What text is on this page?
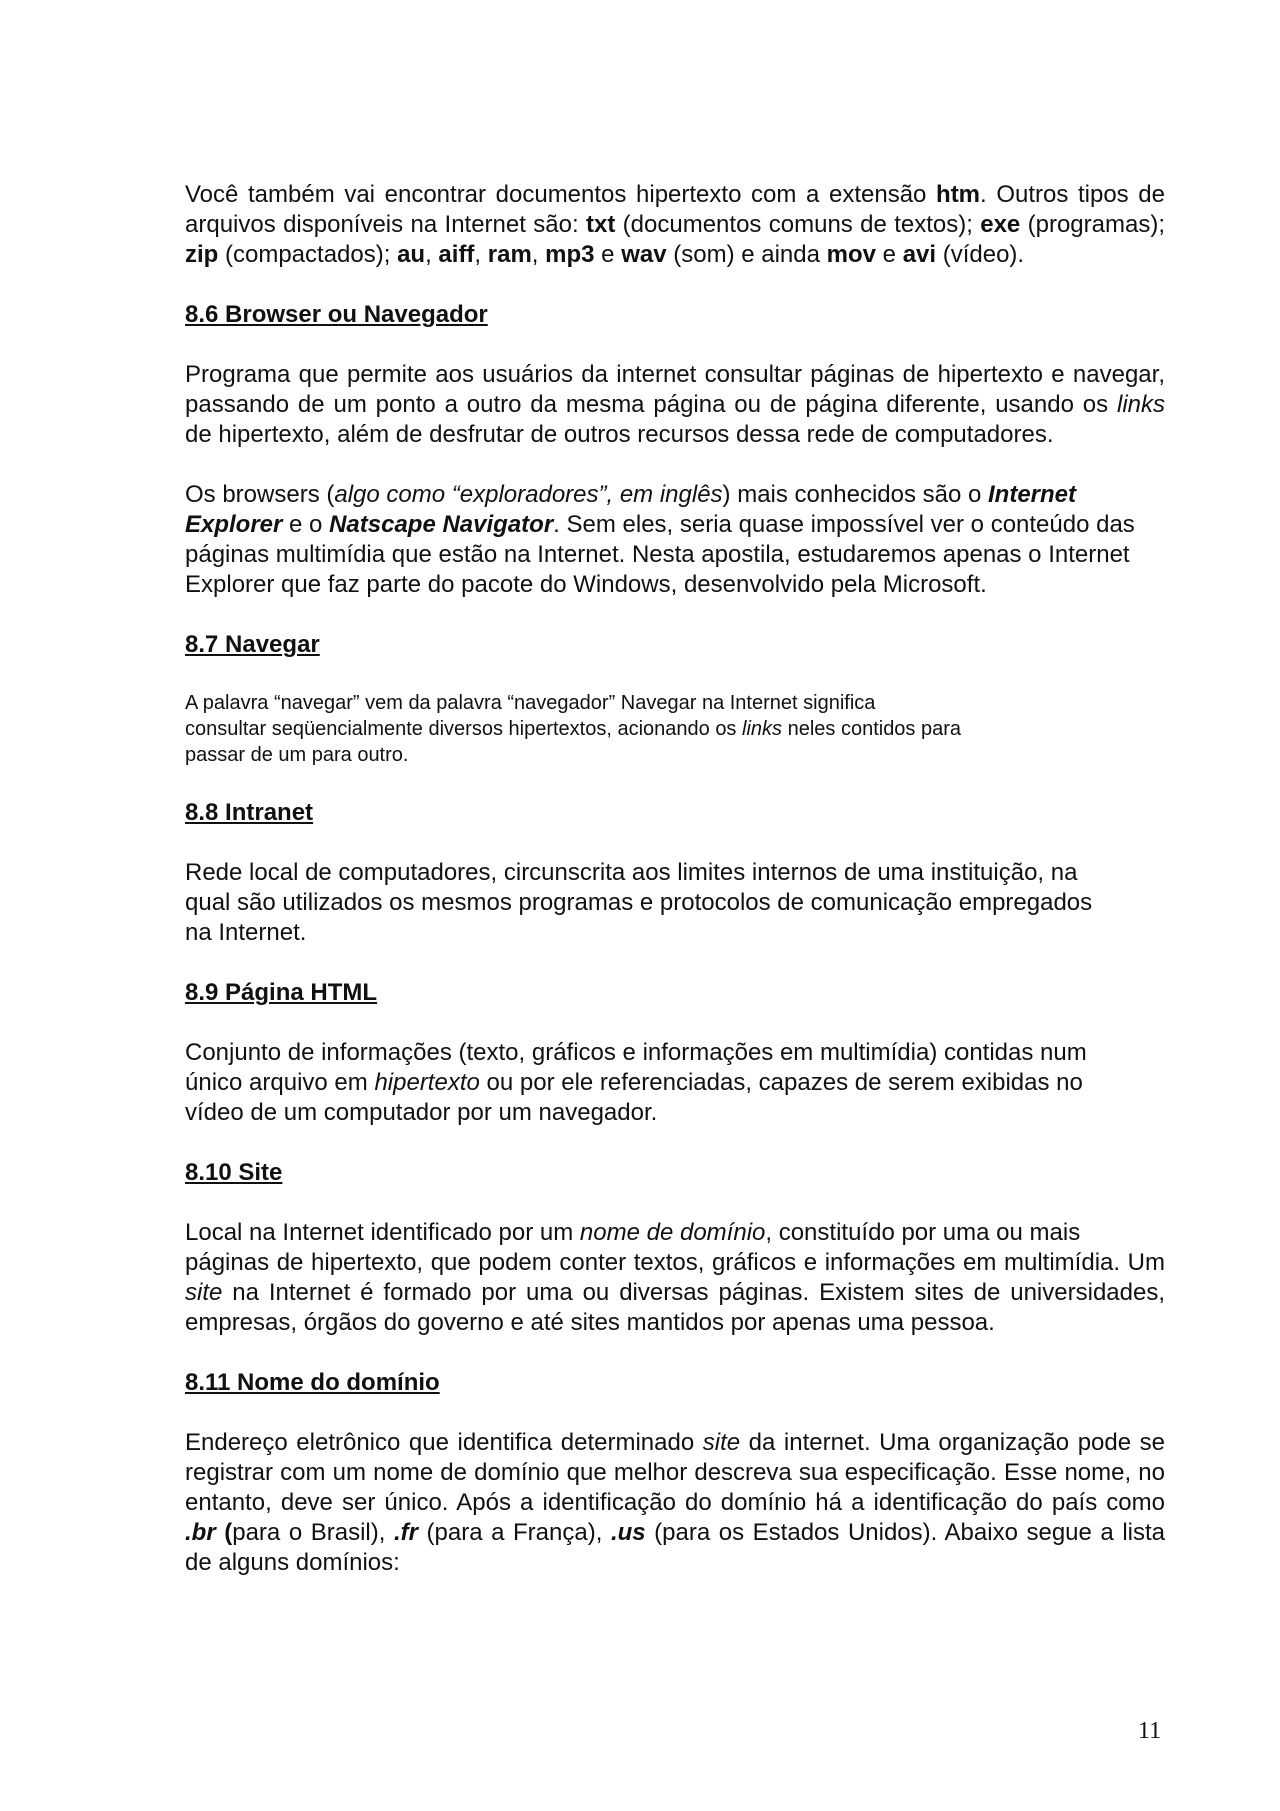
Você também vai encontrar documentos hipertexto com a extensão htm. Outros tipos de arquivos disponíveis na Internet são: txt (documentos comuns de textos); exe (programas); zip (compactados); au, aiff, ram, mp3 e wav (som) e ainda mov e avi (vídeo).

8.6 Browser ou Navegador

Programa que permite aos usuários da internet consultar páginas de hipertexto e navegar, passando de um ponto a outro da mesma página ou de página diferente, usando os links de hipertexto, além de desfrutar de outros recursos dessa rede de computadores.

Os browsers (algo como “exploradores”, em inglês) mais conhecidos são o Internet Explorer e o Natscape Navigator. Sem eles, seria quase impossível ver o conteúdo das páginas multimídia que estão na Internet. Nesta apostila, estudaremos apenas o Internet Explorer que faz parte do pacote do Windows, desenvolvido pela Microsoft.

8.7 Navegar

A palavra “navegar” vem da palavra “navegador” Navegar na Internet significa

consultar seqüencialmente diversos hipertextos, acionando os links neles contidos para

passar de um para outro.

8.8 Intranet

Rede local de computadores, circunscrita aos limites internos de uma instituição, na

qual são utilizados os mesmos programas e protocolos de comunicação empregados

na Internet.

8.9 Página HTML

Conjunto de informações (texto, gráficos e informações em multimídia) contidas num

único arquivo em hipertexto ou por ele referenciadas, capazes de serem exibidas no

vídeo de um computador por um navegador.

8.10 Site

Local na Internet identificado por um nome de domínio, constituído por uma ou mais

páginas de hipertexto, que podem conter textos, gráficos e informações em multimídia. Um site na Internet é formado por uma ou diversas páginas. Existem sites de universidades, empresas, órgãos do governo e até sites mantidos por apenas uma pessoa.

8.11 Nome do domínio

Endereço eletrônico que identifica determinado site da internet. Uma organização pode se registrar com um nome de domínio que melhor descreva sua especificação. Esse nome, no entanto, deve ser único. Após a identificação do domínio há a identificação do país como .br (para o Brasil), .fr (para a França), .us (para os Estados Unidos). Abaixo segue a lista de alguns domínios:

11
